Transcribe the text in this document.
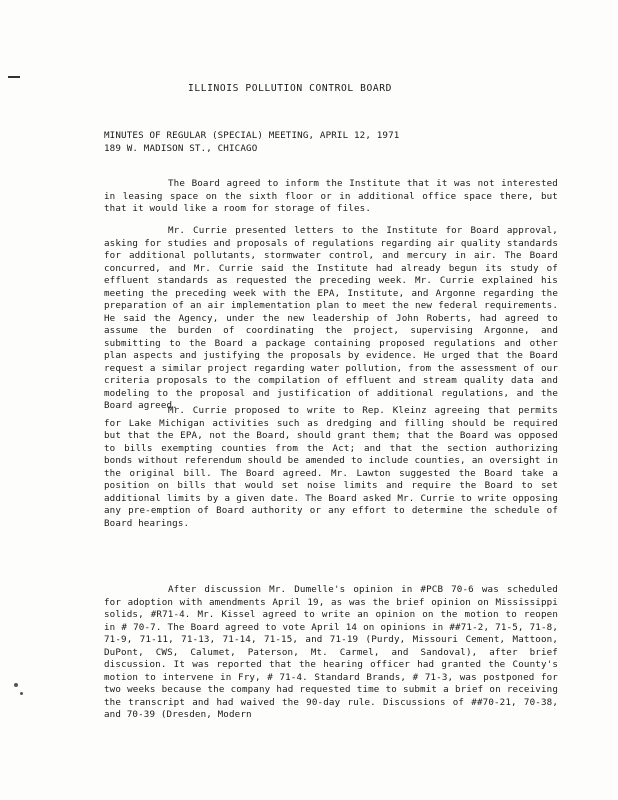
ILLINOIS POLLUTION CONTROL BOARD
MINUTES OF REGULAR (SPECIAL) MEETING, APRIL 12, 1971
189 W. MADISON ST., CHICAGO
The Board agreed to inform the Institute that it was not interested in leasing space on the sixth floor or in additional office space there, but that it would like a room for storage of files.
Mr. Currie presented letters to the Institute for Board approval, asking for studies and proposals of regulations regarding air quality standards for additional pollutants, stormwater control, and mercury in air. The Board concurred, and Mr. Currie said the Institute had already begun its study of effluent standards as requested the preceding week. Mr. Currie explained his meeting the preceding week with the EPA, Institute, and Argonne regarding the preparation of an air implementation plan to meet the new federal requirements. He said the Agency, under the new leadership of John Roberts, had agreed to assume the burden of coordinating the project, supervising Argonne, and submitting to the Board a package containing proposed regulations and other plan aspects and justifying the proposals by evidence. He urged that the Board request a similar project regarding water pollution, from the assessment of our criteria proposals to the compilation of effluent and stream quality data and modeling to the proposal and justification of additional regulations, and the Board agreed.
Mr. Currie proposed to write to Rep. Kleinz agreeing that permits for Lake Michigan activities such as dredging and filling should be required but that the EPA, not the Board, should grant them; that the Board was opposed to bills exempting counties from the Act; and that the section authorizing bonds without referendum should be amended to include counties, an oversight in the original bill. The Board agreed. Mr. Lawton suggested the Board take a position on bills that would set noise limits and require the Board to set additional limits by a given date. The Board asked Mr. Currie to write opposing any pre-emption of Board authority or any effort to determine the schedule of Board hearings.
After discussion Mr. Dumelle's opinion in #PCB 70-6 was scheduled for adoption with amendments April 19, as was the brief opinion on Mississippi solids, #R71-4. Mr. Kissel agreed to write an opinion on the motion to reopen in # 70-7. The Board agreed to vote April 14 on opinions in ##71-2, 71-5, 71-8, 71-9, 71-11, 71-13, 71-14, 71-15, and 71-19 (Purdy, Missouri Cement, Mattoon, DuPont, CWS, Calumet, Paterson, Mt. Carmel, and Sandoval), after brief discussion. It was reported that the hearing officer had granted the County's motion to intervene in Fry, # 71-4. Standard Brands, # 71-3, was postponed for two weeks because the company had requested time to submit a brief on receiving the transcript and had waived the 90-day rule. Discussions of ##70-21, 70-38, and 70-39 (Dresden, Modern
